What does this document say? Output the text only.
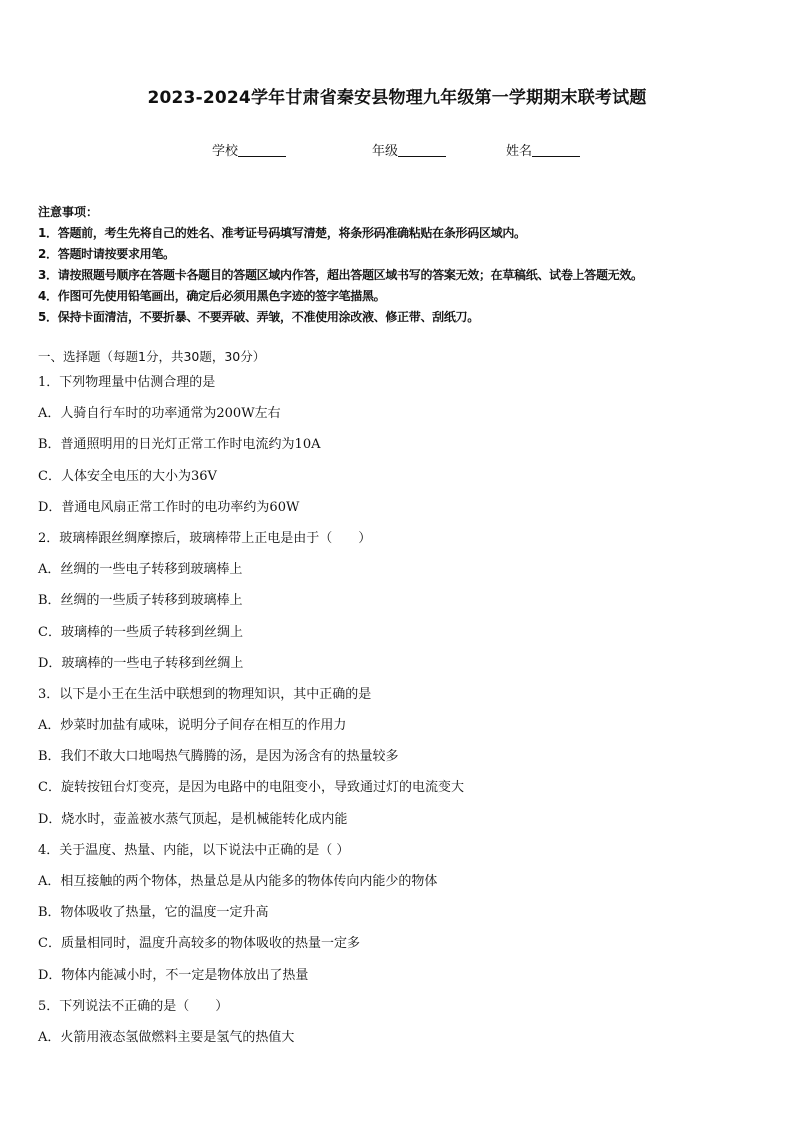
2023-2024学年甘肃省秦安县物理九年级第一学期期末联考试题
学校	年级	姓名
注意事项：
1．答题前，考生先将自己的姓名、准考证号码填写清楚，将条形码准确粘贴在条形码区域内。
2．答题时请按要求用笔。
3．请按照题号顺序在答题卡各题目的答题区域内作答，超出答题区域书写的答案无效；在草稿纸、试卷上答题无效。
4．作图可先使用铅笔画出，确定后必须用黑色字迹的签字笔描黑。
5．保持卡面清洁，不要折暴、不要弄破、弄皱，不准使用涂改液、修正带、刮纸刀。
一、选择题（每题1分，共30题，30分）
1．下列物理量中估测合理的是
A．人骑自行车时的功率通常为200W左右
B．普通照明用的日光灯正常工作时电流约为10A
C．人体安全电压的大小为36V
D．普通电风扇正常工作时的电功率约为60W
2．玻璃棒跟丝绸摩擦后，玻璃棒带上正电是由于（　　）
A．丝绸的一些电子转移到玻璃棒上
B．丝绸的一些质子转移到玻璃棒上
C．玻璃棒的一些质子转移到丝绸上
D．玻璃棒的一些电子转移到丝绸上
3．以下是小王在生活中联想到的物理知识，其中正确的是
A．炒菜时加盐有咸味，说明分子间存在相互的作用力
B．我们不敢大口地喝热气腾腾的汤，是因为汤含有的热量较多
C．旋转按钮台灯变亮，是因为电路中的电阻变小，导致通过灯的电流变大
D．烧水时，壶盖被水蒸气顶起，是机械能转化成内能
4．关于温度、热量、内能，以下说法中正确的是（ ）
A．相互接触的两个物体，热量总是从内能多的物体传向内能少的物体
B．物体吸收了热量，它的温度一定升高
C．质量相同时，温度升高较多的物体吸收的热量一定多
D．物体内能减小时，不一定是物体放出了热量
5．下列说法不正确的是（　　）
A．火箭用液态氢做燃料主要是氢气的热值大
